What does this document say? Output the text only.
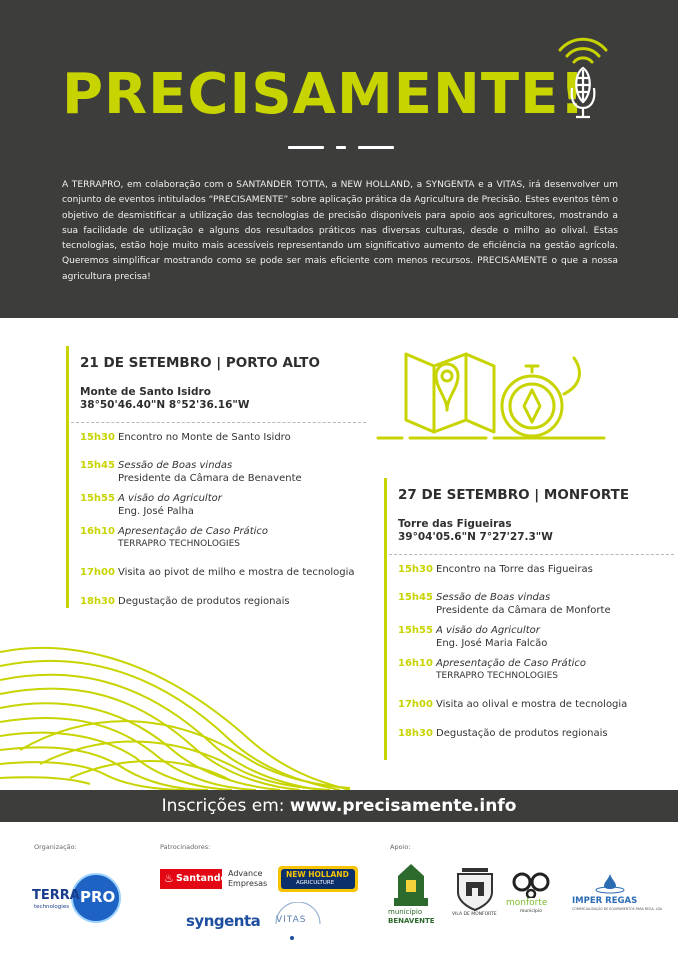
PRECISAMENTE!
A TERRAPRO, em colaboração com o SANTANDER TOTTA, a NEW HOLLAND, a SYNGENTA e a VITAS, irá desenvolver um conjunto de eventos intitulados “PRECISAMENTE” sobre aplicação prática da Agricultura de Precisão. Estes eventos têm o objetivo de desmistificar a utilização das tecnologias de precisão disponíveis para apoio aos agricultores, mostrando a sua facilidade de utilização e alguns dos resultados práticos nas diversas culturas, desde o milho ao olival. Estas tecnologias, estão hoje muito mais acessíveis representando um significativo aumento de eficiência na gestão agrícola. Queremos simplificar mostrando como se pode ser mais eficiente com menos recursos. PRECISAMENTE o que a nossa agricultura precisa!
21 DE SETEMBRO | PORTO ALTO
Monte de Santo Isidro
38°50'46.40"N 8°52'36.16"W
15h30 Encontro no Monte de Santo Isidro
15h45 Sessão de Boas vindas
Presidente da Câmara de Benavente
15h55 A visão do Agricultor
Eng. José Palha
16h10 Apresentação de Caso Prático
TERRAPRO TECHNOLOGIES
17h00 Visita ao pivot de milho e mostra de tecnologia
18h30 Degustação de produtos regionais
27 DE SETEMBRO | MONFORTE
Torre das Figueiras
39°04'05.6"N 7°27'27.3"W
15h30 Encontro na Torre das Figueiras
15h45 Sessão de Boas vindas
Presidente da Câmara de Monforte
15h55 A visão do Agricultor
Eng. José Maria Falcão
16h10 Apresentação de Caso Prático
TERRAPRO TECHNOLOGIES
17h00 Visita ao olival e mostra de tecnologia
18h30 Degustação de produtos regionais
Inscrições em: www.precisamente.info
Organização:	Patrocinadores:	Apoio:
TERRA
technologies
PRO
♨ Santander
Advance
Empresas
NEW HOLLAND
AGRICULTURE
syngenta VITAS
município
BENAVENTE
VILA DE MONFORTE
monforte
município
IMPER REGAS
COMERCIALIZAÇÃO DE EQUIPAMENTOS PARA REGA, LDA
